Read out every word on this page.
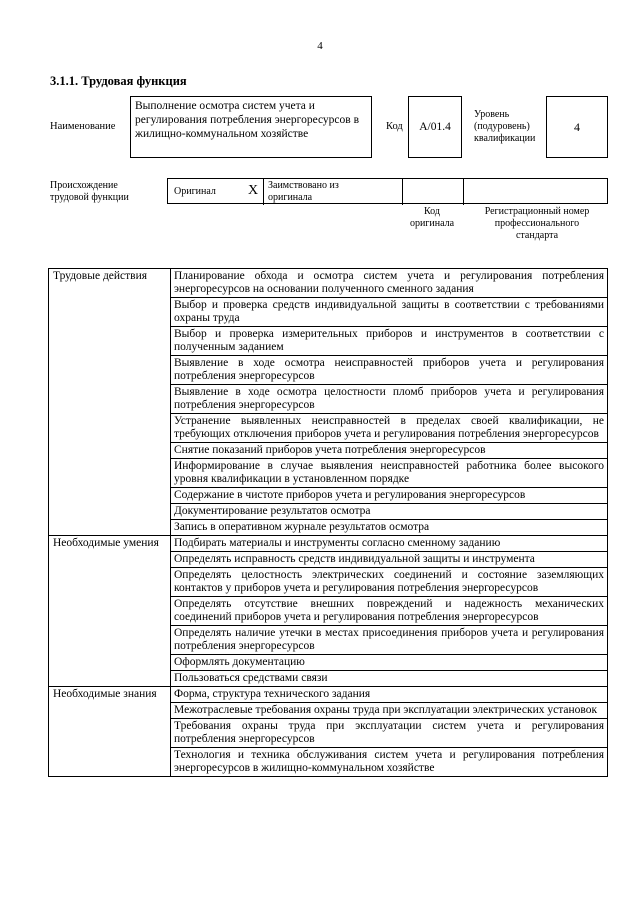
4
3.1.1. Трудовая функция
Наименование
Выполнение осмотра систем учета и регулирования потребления энергоресурсов в жилищно-коммунальном хозяйстве
Код	A/01.4
Уровень
(подуровень)
квалификации
4
Происхождение
трудовой функции
Оригинал X Заимствовано из
оригинала
Код
оригинала
Регистрационный номер
профессионального
стандарта
Трудовые действия	Планирование обхода и осмотра систем учета и регулирования потребления энергоресурсов на основании полученного сменного задания
	Выбор и проверка средств индивидуальной защиты в соответствии с требованиями охраны труда
	Выбор и проверка измерительных приборов и инструментов в соответствии с полученным заданием
	Выявление в ходе осмотра неисправностей приборов учета и регулирования потребления энергоресурсов
	Выявление в ходе осмотра целостности пломб приборов учета и регулирования потребления энергоресурсов
	Устранение выявленных неисправностей в пределах своей квалификации, не требующих отключения приборов учета и регулирования потребления энергоресурсов
	Снятие показаний приборов учета потребления энергоресурсов
	Информирование в случае выявления неисправностей работника более высокого уровня квалификации в установленном порядке
	Содержание в чистоте приборов учета и регулирования энергоресурсов
	Документирование результатов осмотра
	Запись в оперативном журнале результатов осмотра
Необходимые умения	Подбирать материалы и инструменты согласно сменному заданию
	Определять исправность средств индивидуальной защиты и инструмента
	Определять целостность электрических соединений и состояние заземляющих контактов у приборов учета и регулирования потребления энергоресурсов
	Определять отсутствие внешних повреждений и надежность механических соединений приборов учета и регулирования потребления энергоресурсов
	Определять наличие утечки в местах присоединения приборов учета и регулирования потребления энергоресурсов
	Оформлять документацию
	Пользоваться средствами связи
Необходимые знания	Форма, структура технического задания
	Межотраслевые требования охраны труда при эксплуатации электрических установок
	Требования охраны труда при эксплуатации систем учета и регулирования потребления энергоресурсов
	Технология и техника обслуживания систем учета и регулирования потребления энергоресурсов в жилищно-коммунальном хозяйстве
